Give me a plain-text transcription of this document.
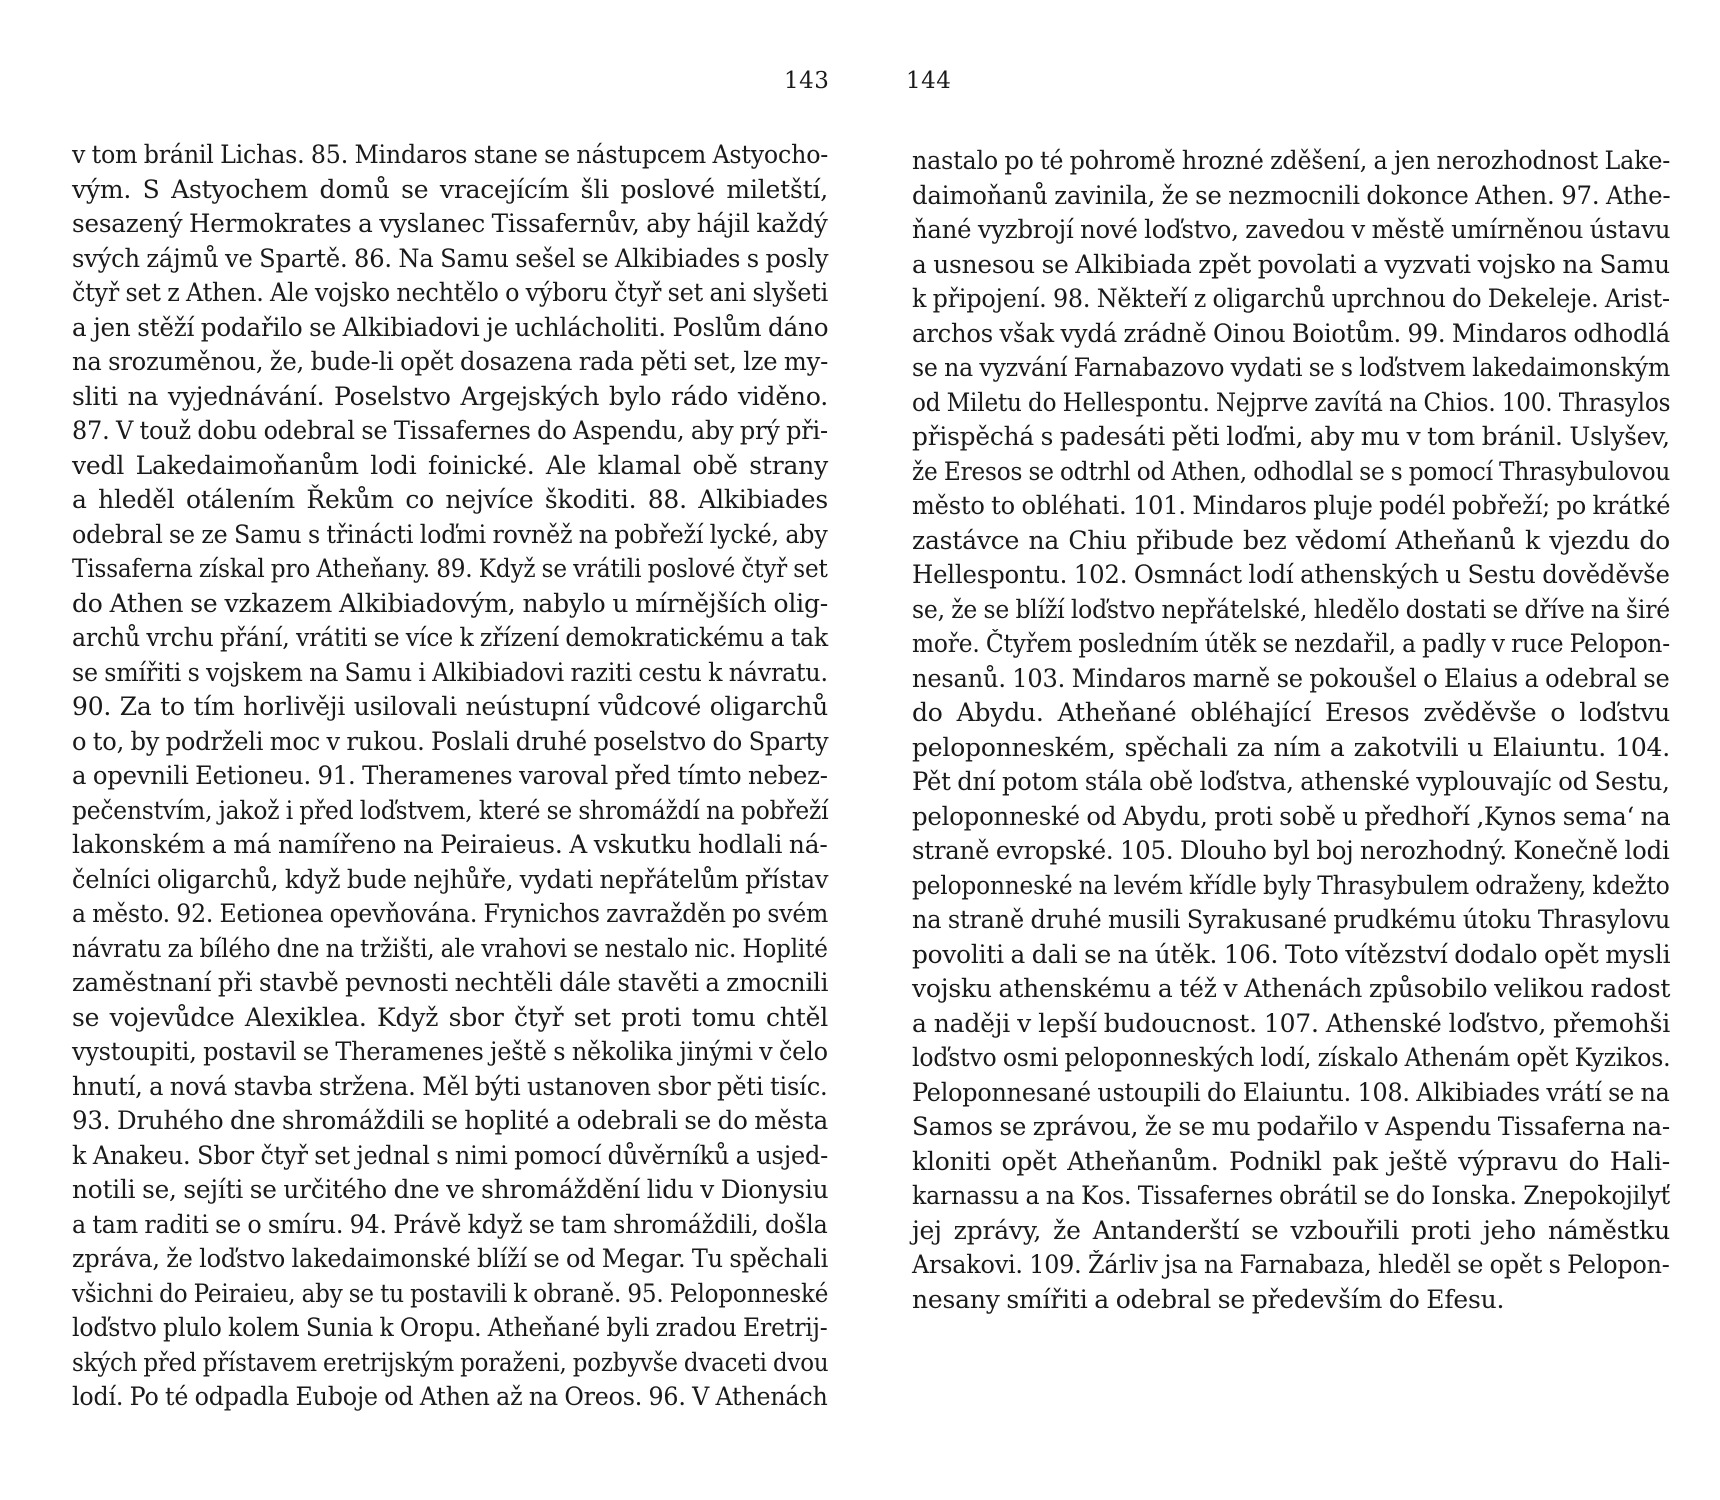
143	144
v tom bránil Lichas. 85. Mindaros stane se nástupcem Astyocho-
vým. S Astyochem domů se vracejícím šli poslové miletští,
sesazený Hermokrates a vyslanec Tissafernův, aby hájil každý
svých zájmů ve Spartě. 86. Na Samu sešel se Alkibiades s posly
čtyř set z Athen. Ale vojsko nechtělo o výboru čtyř set ani slyšeti
a jen stěží podařilo se Alkibiadovi je uchlácholiti. Poslům dáno
na srozuměnou, že, bude-li opět dosazena rada pěti set, lze my-
sliti na vyjednávání. Poselstvo Argejských bylo rádo viděno.
87. V touž dobu odebral se Tissafernes do Aspendu, aby prý při-
vedl Lakedaimoňanům lodi foinické. Ale klamal obě strany
a hleděl otálením Řekům co nejvíce škoditi. 88. Alkibiades
odebral se ze Samu s třinácti loďmi rovněž na pobřeží lycké, aby
Tissaferna získal pro Atheňany. 89. Když se vrátili poslové čtyř set
do Athen se vzkazem Alkibiadovým, nabylo u mírnějších olig-
archů vrchu přání, vrátiti se více k zřízení demokratickému a tak
se smířiti s vojskem na Samu i Alkibiadovi raziti cestu k návratu.
90. Za to tím horlivěji usilovali neústupní vůdcové oligarchů
o to, by podrželi moc v rukou. Poslali druhé poselstvo do Sparty
a opevnili Eetioneu. 91. Theramenes varoval před tímto nebez-
pečenstvím, jakož i před loďstvem, které se shromáždí na pobřeží
lakonském a má namířeno na Peiraieus. A vskutku hodlali ná-
čelníci oligarchů, když bude nejhůře, vydati nepřátelům přístav
a město. 92. Eetionea opevňována. Frynichos zavražděn po svém
návratu za bílého dne na tržišti, ale vrahovi se nestalo nic. Hoplité
zaměstnaní při stavbě pevnosti nechtěli dále stavěti a zmocnili
se vojevůdce Alexiklea. Když sbor čtyř set proti tomu chtěl
vystoupiti, postavil se Theramenes ještě s několika jinými v čelo
hnutí, a nová stavba stržena. Měl býti ustanoven sbor pěti tisíc.
93. Druhého dne shromáždili se hoplité a odebrali se do města
k Anakeu. Sbor čtyř set jednal s nimi pomocí důvěrníků a usjed-
notili se, sejíti se určitého dne ve shromáždění lidu v Dionysiu
a tam raditi se o smíru. 94. Právě když se tam shromáždili, došla
zpráva, že loďstvo lakedaimonské blíží se od Megar. Tu spěchali
všichni do Peiraieu, aby se tu postavili k obraně. 95. Peloponneské
loďstvo plulo kolem Sunia k Oropu. Atheňané byli zradou Eretrij-
ských před přístavem eretrijským poraženi, pozbyvše dvaceti dvou
lodí. Po té odpadla Euboje od Athen až na Oreos. 96. V Athenách
nastalo po té pohromě hrozné zděšení, a jen nerozhodnost Lake-
daimoňanů zavinila, že se nezmocnili dokonce Athen. 97. Athe-
ňané vyzbrojí nové loďstvo, zavedou v městě umírněnou ústavu
a usnesou se Alkibiada zpět povolati a vyzvati vojsko na Samu
k připojení. 98. Někteří z oligarchů uprchnou do Dekeleje. Arist-
archos však vydá zrádně Oinou Boiotům. 99. Mindaros odhodlá
se na vyzvání Farnabazovo vydati se s loďstvem lakedaimonským
od Miletu do Hellespontu. Nejprve zavítá na Chios. 100. Thrasylos
přispěchá s padesáti pěti loďmi, aby mu v tom bránil. Uslyšev,
že Eresos se odtrhl od Athen, odhodlal se s pomocí Thrasybulovou
město to obléhati. 101. Mindaros pluje podél pobřeží; po krátké
zastávce na Chiu přibude bez vědomí Atheňanů k vjezdu do
Hellespontu. 102. Osmnáct lodí athenských u Sestu dověděvše
se, že se blíží loďstvo nepřátelské, hledělo dostati se dříve na širé
moře. Čtyřem posledním útěk se nezdařil, a padly v ruce Pelopon-
nesanů. 103. Mindaros marně se pokoušel o Elaius a odebral se
do Abydu. Atheňané obléhající Eresos zvěděvše o loďstvu
peloponneském, spěchali za ním a zakotvili u Elaiuntu. 104.
Pět dní potom stála obě loďstva, athenské vyplouvajíc od Sestu,
peloponneské od Abydu, proti sobě u předhoří ‚Kynos sema‘ na
straně evropské. 105. Dlouho byl boj nerozhodný. Konečně lodi
peloponneské na levém křídle byly Thrasybulem odraženy, kdežto
na straně druhé musili Syrakusané prudkému útoku Thrasylovu
povoliti a dali se na útěk. 106. Toto vítězství dodalo opět mysli
vojsku athenskému a též v Athenách způsobilo velikou radost
a naději v lepší budoucnost. 107. Athenské loďstvo, přemohši
loďstvo osmi peloponneských lodí, získalo Athenám opět Kyzikos.
Peloponnesané ustoupili do Elaiuntu. 108. Alkibiades vrátí se na
Samos se zprávou, že se mu podařilo v Aspendu Tissaferna na-
kloniti opět Atheňanům. Podnikl pak ještě výpravu do Hali-
karnassu a na Kos. Tissafernes obrátil se do Ionska. Znepokojilyť
jej zprávy, že Antanderští se vzbouřili proti jeho náměstku
Arsakovi. 109. Žárliv jsa na Farnabaza, hleděl se opět s Pelopon-
nesany smířiti a odebral se především do Efesu.
